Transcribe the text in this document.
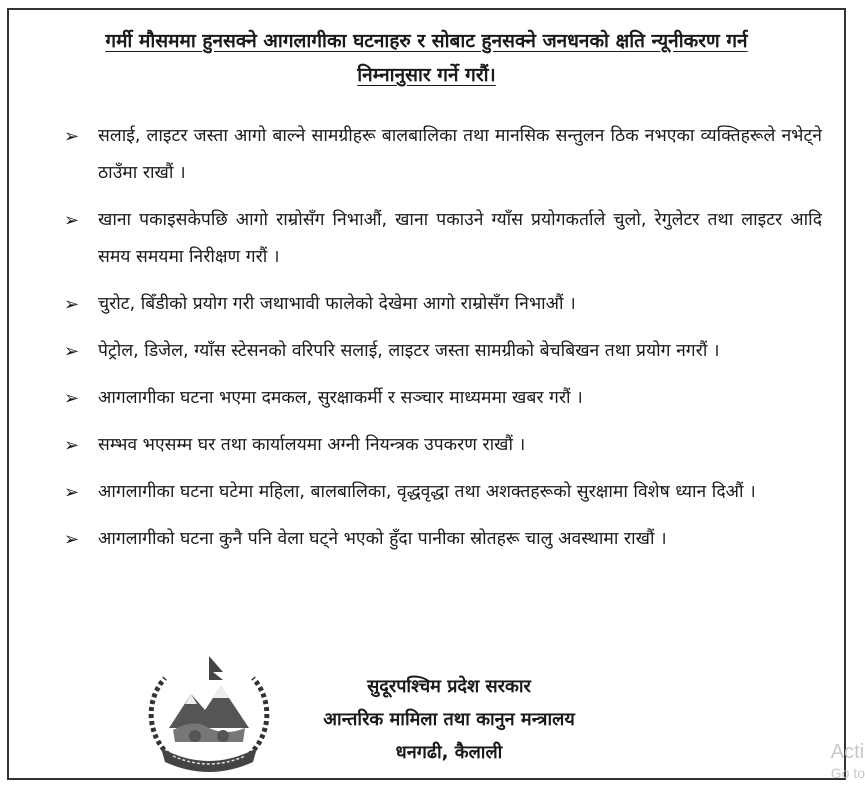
गर्मी मौसममा हुनसक्ने आगलागीका घटनाहरु र सोबाट हुनसक्ने जनधनको क्षति न्यूनीकरण गर्न
निम्नानुसार गर्ने गरौं।
➢ सलाई, लाइटर जस्ता आगो बाल्ने सामग्रीहरू बालबालिका तथा मानसिक सन्तुलन ठिक नभएका व्यक्तिहरूले नभेट्ने ठाउँमा राखौं ।
➢ खाना पकाइसकेपछि आगो राम्रोसँग निभाऔं, खाना पकाउने ग्याँस प्रयोगकर्ताले चुलो, रेगुलेटर तथा लाइटर आदि समय समयमा निरीक्षण गरौं ।
➢ चुरोट, बिँडीको प्रयोग गरी जथाभावी फालेको देखेमा आगो राम्रोसँग निभाऔं ।
➢ पेट्रोल, डिजेल, ग्याँस स्टेसनको वरिपरि सलाई, लाइटर जस्ता सामग्रीको बेचबिखन तथा प्रयोग नगरौं ।
➢ आगलागीका घटना भएमा दमकल, सुरक्षाकर्मी र सञ्चार माध्यममा खबर गरौं ।
➢ सम्भव भएसम्म घर तथा कार्यालयमा अग्नी नियन्त्रक उपकरण राखौं ।
➢ आगलागीका घटना घटेमा महिला, बालबालिका, वृद्धवृद्धा तथा अशक्तहरूको सुरक्षामा विशेष ध्यान दिऔं ।
➢ आगलागीको घटना कुनै पनि वेला घट्ने भएको हुँदा पानीका स्रोतहरू चालु अवस्थामा राखौं ।
सुदूरपश्चिम प्रदेश सरकार
आन्तरिक मामिला तथा कानुन मन्त्रालय
धनगढी, कैलाली	Acti
Go to
